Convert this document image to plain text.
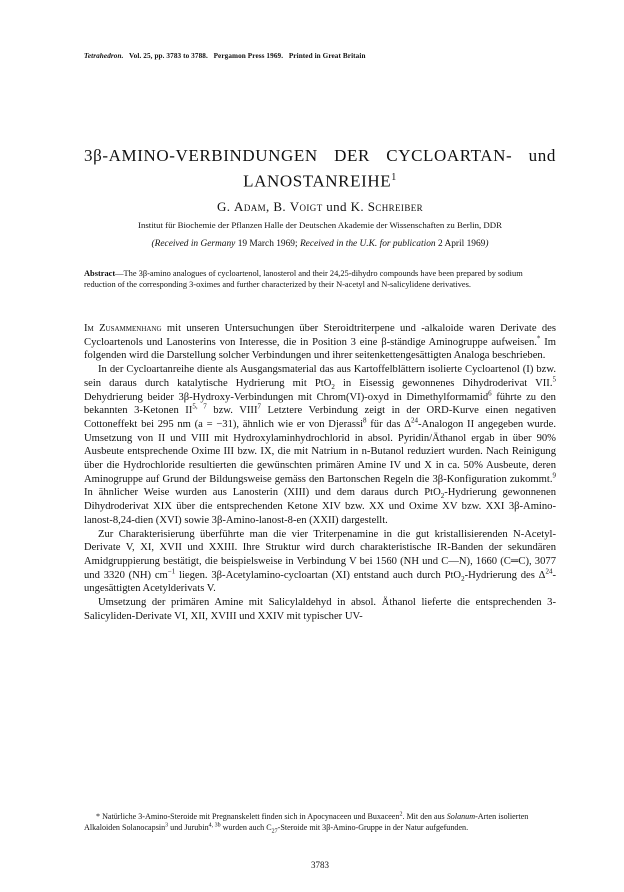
Tetrahedron. Vol. 25, pp. 3783 to 3788. Pergamon Press 1969. Printed in Great Britain
3β-AMINO-VERBINDUNGEN DER CYCLOARTAN- und
LANOSTANREIHE$^1$
G. Adam, B. Voigt und K. Schreiber
Institut für Biochemie der Pflanzen Halle der Deutschen Akademie der Wissenschaften zu Berlin, DDR
(Received in Germany 19 March 1969; Received in the U.K. for publication 2 April 1969)
Abstract—The 3β-amino analogues of cycloartenol, lanosterol and their 24,25-dihydro compounds have been prepared by sodium reduction of the corresponding 3-oximes and further characterized by their N-acetyl and N-salicylidene derivatives.

Im Zusammenhang mit unseren Untersuchungen über Steroidtriterpene und -alkaloide waren Derivate des Cycloartenols und Lanosterins von Interesse, die in Position 3 eine β-ständige Aminogruppe aufweisen.* Im folgenden wird die Darstellung solcher Verbindungen und ihrer seitenkettengesättigten Analoga beschrieben.

In der Cycloartanreihe diente als Ausgangsmaterial das aus Kartoffelblättern isolierte Cycloartenol (I) bzw. sein daraus durch katalytische Hydrierung mit PtO$_2$ in Eisessig gewonnenes Dihydroderivat VII.$^5$ Dehydrierung beider 3β-Hydroxy-Verbindungen mit Chrom(VI)-oxyd in Dimethylformamid$^6$ führte zu den bekannten 3-Ketonen II$^{5, 7}$ bzw. VIII$^7$ Letztere Verbindung zeigt in der ORD-Kurve einen negativen Cottoneffekt bei 295 nm (a = −31), ähnlich wie er von Djerassi$^8$ für das $\Delta^{24}$-Analogon II angegeben wurde. Umsetzung von II und VIII mit Hydroxylaminhydrochlorid in absol. Pyridin/Äthanol ergab in über 90% Ausbeute entsprechende Oxime III bzw. IX, die mit Natrium in n-Butanol reduziert wurden. Nach Reinigung über die Hydrochloride resultierten die gewünschten primären Amine IV und X in ca. 50% Ausbeute, deren Aminogruppe auf Grund der Bildungsweise gemäss den Bartonschen Regeln die 3β-Konfiguration zukommt.$^9$ In ähnlicher Weise wurden aus Lanosterin (XIII) und dem daraus durch PtO$_2$-Hydrierung gewonnenen Dihydroderivat XIX über die entsprechenden Ketone XIV bzw. XX und Oxime XV bzw. XXI 3β-Amino-lanost-8,24-dien (XVI) sowie 3β-Amino-lanost-8-en (XXII) dargestellt.

Zur Charakterisierung überführte man die vier Triterpenamine in die gut kristallisierenden N-Acetyl-Derivate V, XI, XVII und XXIII. Ihre Struktur wird durch charakteristische IR-Banden der sekundären Amidgruppierung bestätigt, die beispielsweise in Verbindung V bei 1560 (NH und C—N), 1660 (C═C), 3077 und 3320 (NH) $cm^{-1}$ liegen. 3β-Acetylamino-cycloartan (XI) entstand auch durch PtO$_2$-Hydrierung des $\Delta^{24}$-ungesättigten Acetylderivats V.

Umsetzung der primären Amine mit Salicylaldehyd in absol. Äthanol lieferte die entsprechenden 3-Salicyliden-Derivate VI, XII, XVIII und XXIV mit typischer UV-

* Natürliche 3-Amino-Steroide mit Pregnanskelett finden sich in Apocynaceen und Buxaceen$^2$. Mit den aus Solanum-Arten isolierten Alkaloiden Solanocapsin$^3$ und Jurubin$^{4, 3b}$ wurden auch $C_{27}$-Steroide mit 3β-Amino-Gruppe in der Natur aufgefunden.
3783
